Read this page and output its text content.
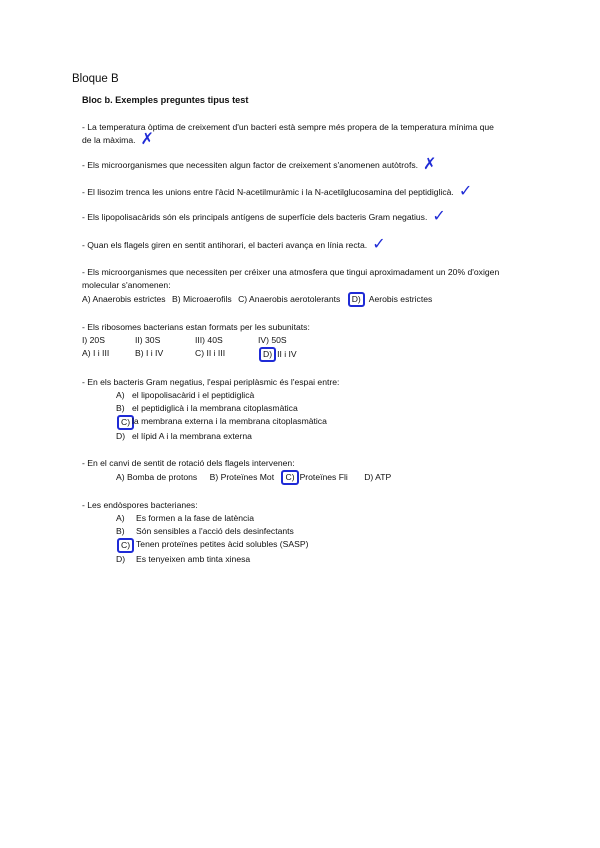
Bloque B
Bloc b. Exemples preguntes tipus test
- La temperatura òptima de creixement d'un bacteri està sempre més propera de la temperatura mínima que de la màxima. ✗
- Els microorganismes que necessiten algun factor de creixement s'anomenen autòtrofs. ✗
- El lisozim trenca les unions entre l'àcid N-acetilmuràmic i la N-acetilglucosamina del peptidiglicà. ✓
- Els lipopolisacàrids són els principals antígens de superfície dels bacteris Gram negatius. ✓
- Quan els flagels giren en sentit antihorari, el bacteri avança en línia recta. ✓
- Els microorganismes que necessiten per créixer una atmosfera que tingui aproximadament un 20% d'oxigen molecular s'anomenen:
A) Anaerobis estrictes B) Microaerofils C) Anaerobis aerotolerants D) Aerobis estrictes
- Els ribosomes bacterians estan formats per les subunitats:
I) 20S	II) 30S	III) 40S	IV) 50S
A) I i III	B) I i IV	C) II i III	D) II i IV
- En els bacteris Gram negatius, l'espai periplàsmic és l'espai entre:
A) el lipopolisacàrid i el peptidiglicà
B) el peptidiglicà i la membrana citoplasmàtica
C) la membrana externa i la membrana citoplasmàtica
D) el lípid A i la membrana externa
- En el canvi de sentit de rotació dels flagels intervenen:
A) Bomba de protons B) Proteïnes Mot C) Proteïnes Fli D) ATP
- Les endòspores bacterianes:
A)	Es formen a la fase de latència
B)	Són sensibles a l'acció dels desinfectants
C) Tenen proteïnes petites àcid solubles (SASP)
D)	Es tenyeixen amb tinta xinesa
